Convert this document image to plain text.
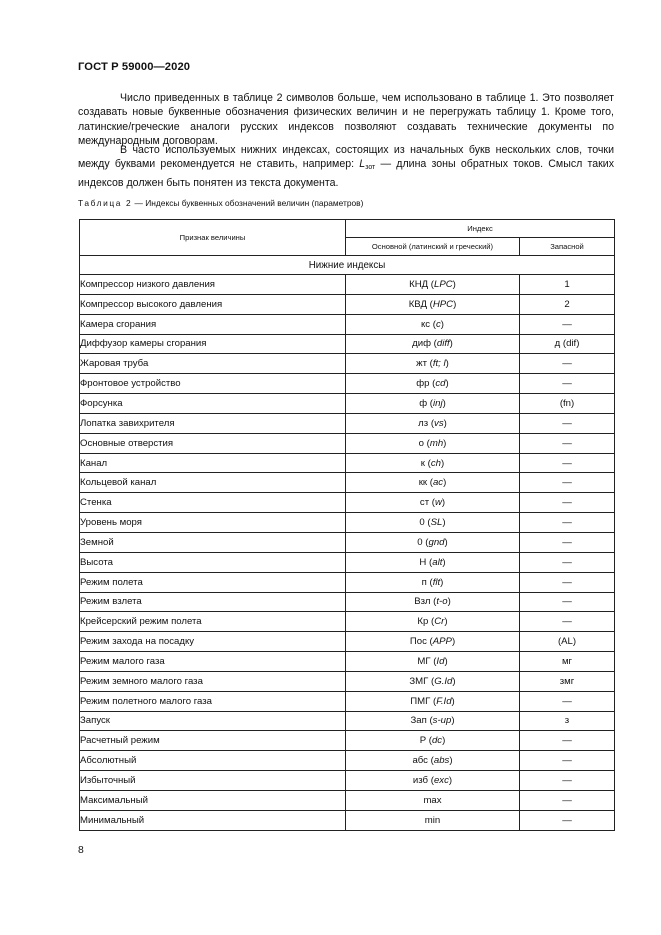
ГОСТ Р 59000—2020

Число приведенных в таблице 2 символов больше, чем использовано в таблице 1. Это позволяет создавать новые буквенные обозначения физических величин и не перегружать таблицу 1. Кроме того, латинские/греческие аналоги русских индексов позволяют создавать технические документы по международным договорам.

В часто используемых нижних индексах, состоящих из начальных букв нескольких слов, точки между буквами рекомендуется не ставить, например: $L_{зот}$ — длина зоны обратных токов. Смысл таких индексов должен быть понятен из текста документа.

Таблица 2 — Индексы буквенных обозначений величин (параметров)
Признак величины	Индекс	
	Основной (латинский и греческий)	Запасной
Нижние индексы		
Компрессор низкого давления	КНД (LPC)	1
Компрессор высокого давления	КВД (HPC)	2
Камера сгорания	кс (c)	—
Диффузор камеры сгорания	диф (diff)	д (dif)
Жаровая труба	жт (ft; l)	—
Фронтовое устройство	фр (cd)	—
Форсунка	ф (inj)	(fn)
Лопатка завихрителя	лз (vs)	—
Основные отверстия	о (mh)	—
Канал	к (ch)	—
Кольцевой канал	кк (ac)	—
Стенка	ст (w)	—
Уровень моря	0 (SL)	—
Земной	0 (gnd)	—
Высота	Н (alt)	—
Режим полета	п (flt)	—
Режим взлета	Взл (t-o)	—
Крейсерский режим полета	Кр (Cr)	—
Режим захода на посадку	Пос (APP)	(AL)
Режим малого газа	МГ (Id)	мг
Режим земного малого газа	ЗМГ (G.Id)	змг
Режим полетного малого газа	ПМГ (F.Id)	—
Запуск	Зап (s-up)	з
Расчетный режим	Р (dc)	—
Абсолютный	абс (abs)	—
Избыточный	изб (exc)	—
Максимальный	max	—
Минимальный	min	—
8
